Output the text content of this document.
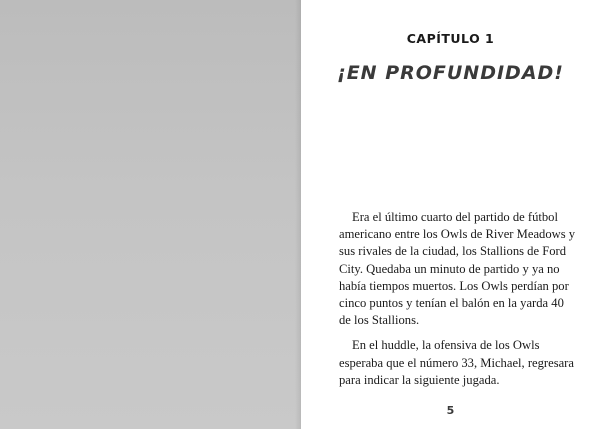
CAPÍTULO 1
¡EN PROFUNDIDAD!

Era el último cuarto del partido de fútbol
americano entre los Owls de River Meadows y
sus rivales de la ciudad, los Stallions de Ford
City. Quedaba un minuto de partido y ya no
había tiempos muertos. Los Owls perdían por
cinco puntos y tenían el balón en la yarda 40
de los Stallions.

En el huddle, la ofensiva de los Owls
esperaba que el número 33, Michael, regresara
para indicar la siguiente jugada.

5
